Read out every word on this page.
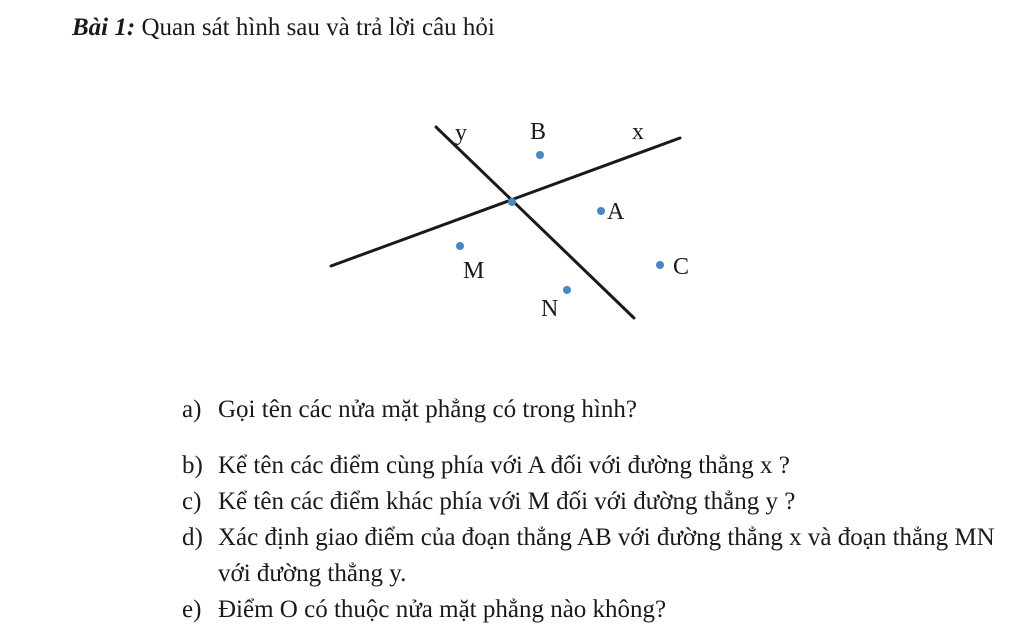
Bài 1: Quan sát hình sau và trả lời câu hỏi
y	B	x
A
M	C
N
a) Gọi tên các nửa mặt phẳng có trong hình?
b) Kể tên các điểm cùng phía với A đối với đường thẳng x ?
c) Kể tên các điểm khác phía với M đối với đường thẳng y ?
d) Xác định giao điểm của đoạn thẳng AB với đường thẳng x và đoạn thẳng MN với đường thẳng y.
e) Điểm O có thuộc nửa mặt phẳng nào không?
